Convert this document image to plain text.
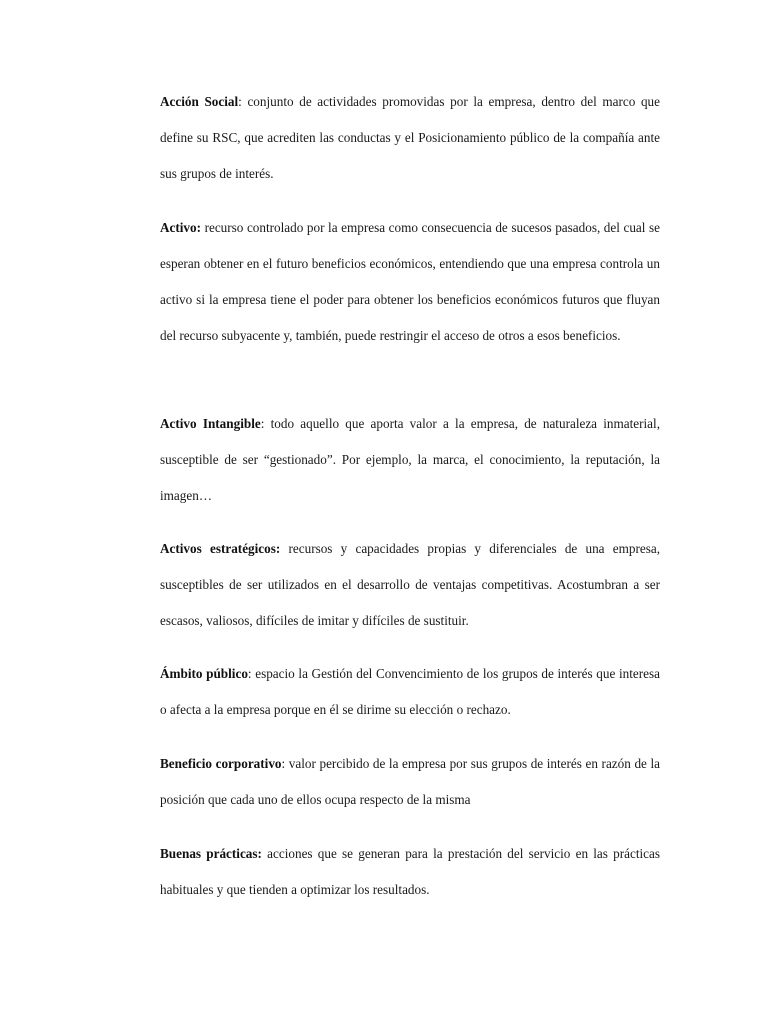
Acción Social: conjunto de actividades promovidas por la empresa, dentro del marco que define su RSC, que acrediten las conductas y el Posicionamiento público de la compañía ante sus grupos de interés.

Activo: recurso controlado por la empresa como consecuencia de sucesos pasados, del cual se esperan obtener en el futuro beneficios económicos, entendiendo que una empresa controla un activo si la empresa tiene el poder para obtener los beneficios económicos futuros que fluyan del recurso subyacente y, también, puede restringir el acceso de otros a esos beneficios.

Activo Intangible: todo aquello que aporta valor a la empresa, de naturaleza inmaterial, susceptible de ser “gestionado”. Por ejemplo, la marca, el conocimiento, la reputación, la imagen…

Activos estratégicos: recursos y capacidades propias y diferenciales de una empresa, susceptibles de ser utilizados en el desarrollo de ventajas competitivas. Acostumbran a ser escasos, valiosos, difíciles de imitar y difíciles de sustituir.

Ámbito público: espacio la Gestión del Convencimiento de los grupos de interés que interesa o afecta a la empresa porque en él se dirime su elección o rechazo.

Beneficio corporativo: valor percibido de la empresa por sus grupos de interés en razón de la posición que cada uno de ellos ocupa respecto de la misma

Buenas prácticas: acciones que se generan para la prestación del servicio en las prácticas habituales y que tienden a optimizar los resultados.
